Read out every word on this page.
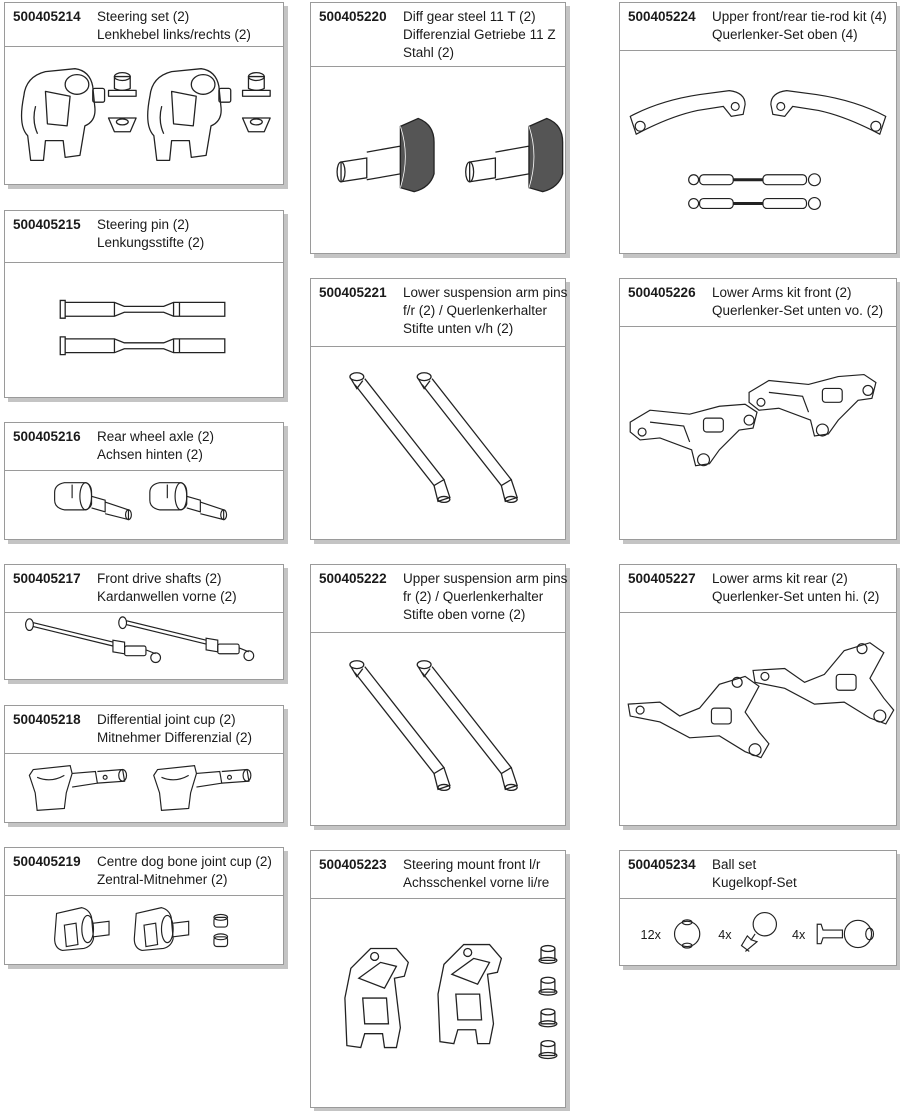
500405214 Steering set (2)
Lenkhebel links/rechts (2)
500405215 Steering pin (2)
Lenkungsstifte (2)
500405216 Rear wheel axle (2)
Achsen hinten (2)
500405217 Front drive shafts (2)
Kardanwellen vorne (2)
500405218 Differential joint cup (2)
Mitnehmer Differenzial (2)
500405219 Centre dog bone joint cup (2)
Zentral-Mitnehmer (2)
500405220 Diff gear steel 11 T (2)
Differenzial Getriebe 11 Z
Stahl (2)
500405221 Lower suspension arm pins
f/r (2) / Querlenkerhalter
Stifte unten v/h (2)
500405222 Upper suspension arm pins
fr (2) / Querlenkerhalter
Stifte oben vorne (2)
500405223 Steering mount front l/r
Achsschenkel vorne li/re
500405224 Upper front/rear tie-rod kit (4)
Querlenker-Set oben (4)
500405226 Lower Arms kit front (2)
Querlenker-Set unten vo. (2)
500405227 Lower arms kit rear (2)
Querlenker-Set unten hi. (2)
500405234 Ball set
Kugelkopf-Set
12x	4x	4x
